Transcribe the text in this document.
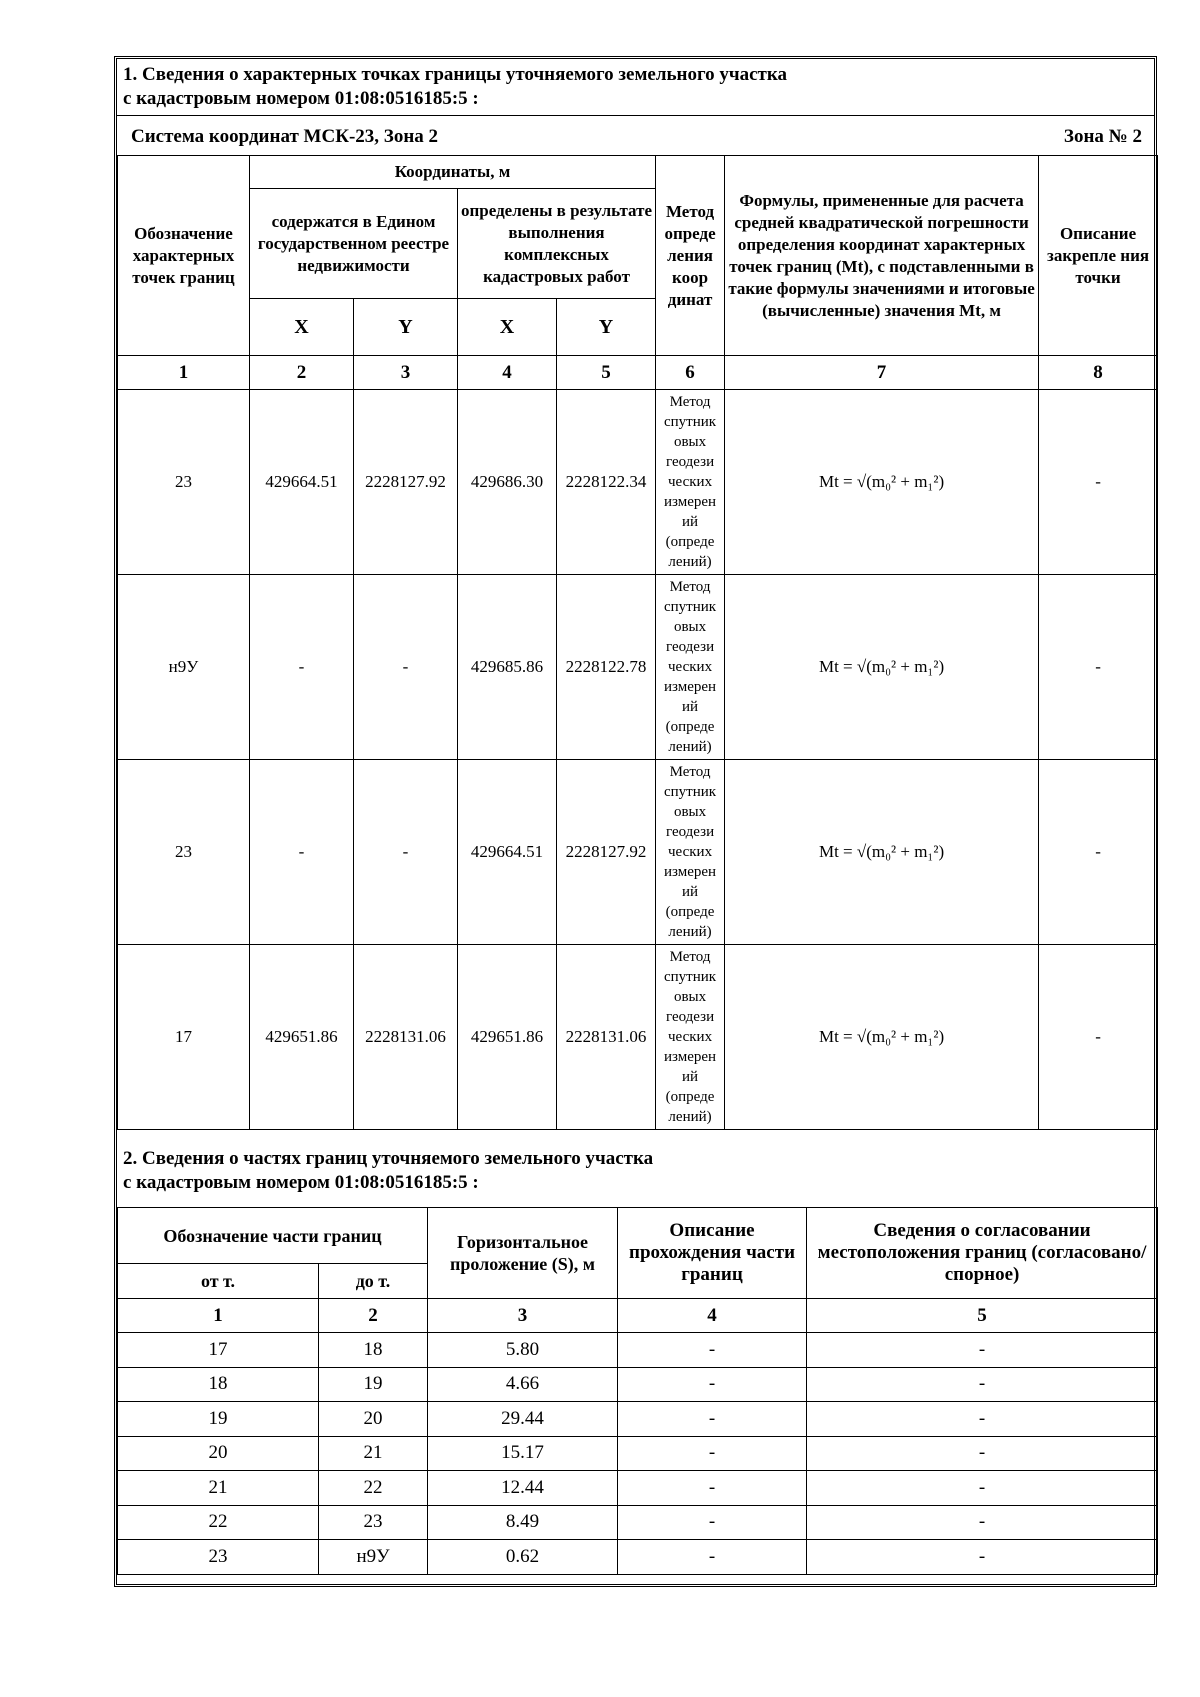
1. Сведения о характерных точках границы уточняемого земельного участка
с кадастровым номером 01:08:0516185:5 :
Система координат МСК-23, Зона 2	Зона № 2
Обозначение характерных точек границ	Координаты, м				Метод опреде ления коор динат	Формулы, примененные для расчета средней квадратической погрешности определения координат характерных точек границ (Mt), с подставленными в такие формулы значениями и итоговые (вычисленные) значения Mt, м	Описание закрепле ния точки
	содержатся в Едином государственном реестре недвижимости		определены в результате выполнения комплексных кадастровых работ				
	X	Y	X	Y			
1	2	3	4	5	6	7	8
23	429664.51	2228127.92	429686.30	2228122.34	Метод спутник овых геодези ческих измерен ий (опреде лений)	Mt = √(m₀² + m₁²)	-
н9У	-	-	429685.86	2228122.78	Метод спутник овых геодези ческих измерен ий (опреде лений)	Mt = √(m₀² + m₁²)	-
23	-	-	429664.51	2228127.92	Метод спутник овых геодези ческих измерен ий (опреде лений)	Mt = √(m₀² + m₁²)	-
17	429651.86	2228131.06	429651.86	2228131.06	Метод спутник овых геодези ческих измерен ий (опреде лений)	Mt = √(m₀² + m₁²)	-
2. Сведения о частях границ уточняемого земельного участка
с кадастровым номером 01:08:0516185:5 :
Обозначение части границ		Горизонтальное проложение (S), м	Описание прохождения части границ	Сведения о согласовании местоположения границ (согласовано/спорное)
от т.	до т.			
1	2	3	4	5
17	18	5.80	-	-
18	19	4.66	-	-
19	20	29.44	-	-
20	21	15.17	-	-
21	22	12.44	-	-
22	23	8.49	-	-
23	н9У	0.62	-	-
